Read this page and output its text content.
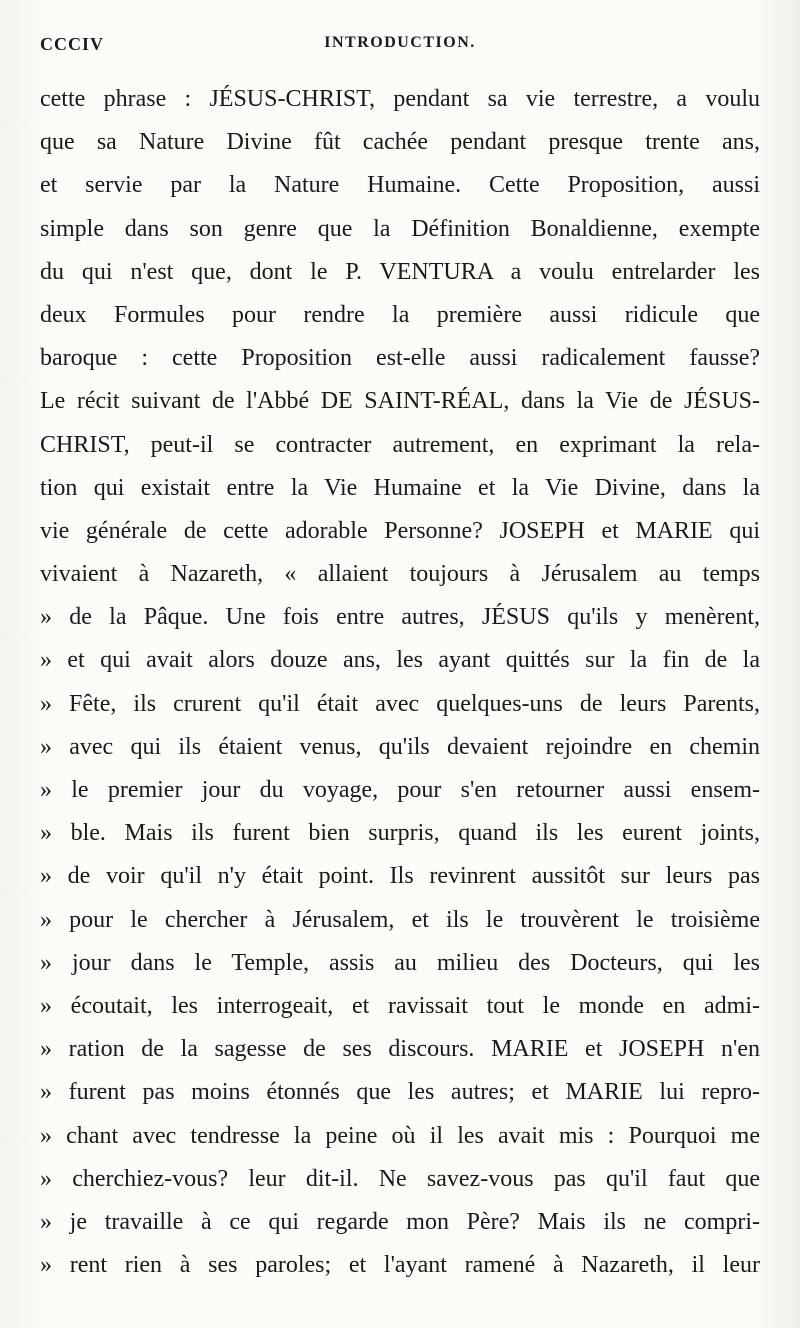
CCCIV	INTRODUCTION.
cette phrase : JÉSUS-CHRIST, pendant sa vie terrestre, a voulu
que sa Nature Divine fût cachée pendant presque trente ans,
et servie par la Nature Humaine. Cette Proposition, aussi
simple dans son genre que la Définition Bonaldienne, exempte
du qui n'est que, dont le P. VENTURA a voulu entrelarder les
deux Formules pour rendre la première aussi ridicule que
baroque : cette Proposition est-elle aussi radicalement fausse?
Le récit suivant de l'Abbé DE SAINT-RÉAL, dans la Vie de JÉSUS-
CHRIST, peut-il se contracter autrement, en exprimant la rela-
tion qui existait entre la Vie Humaine et la Vie Divine, dans la
vie générale de cette adorable Personne? JOSEPH et MARIE qui
vivaient à Nazareth, « allaient toujours à Jérusalem au temps
» de la Pâque. Une fois entre autres, JÉSUS qu'ils y menèrent,
» et qui avait alors douze ans, les ayant quittés sur la fin de la
» Fête, ils crurent qu'il était avec quelques-uns de leurs Parents,
» avec qui ils étaient venus, qu'ils devaient rejoindre en chemin
» le premier jour du voyage, pour s'en retourner aussi ensem-
» ble. Mais ils furent bien surpris, quand ils les eurent joints,
» de voir qu'il n'y était point. Ils revinrent aussitôt sur leurs pas
» pour le chercher à Jérusalem, et ils le trouvèrent le troisième
» jour dans le Temple, assis au milieu des Docteurs, qui les
» écoutait, les interrogeait, et ravissait tout le monde en admi-
» ration de la sagesse de ses discours. MARIE et JOSEPH n'en
» furent pas moins étonnés que les autres; et MARIE lui repro-
» chant avec tendresse la peine où il les avait mis : Pourquoi me
» cherchiez-vous? leur dit-il. Ne savez-vous pas qu'il faut que
» je travaille à ce qui regarde mon Père? Mais ils ne compri-
» rent rien à ses paroles; et l'ayant ramené à Nazareth, il leur
